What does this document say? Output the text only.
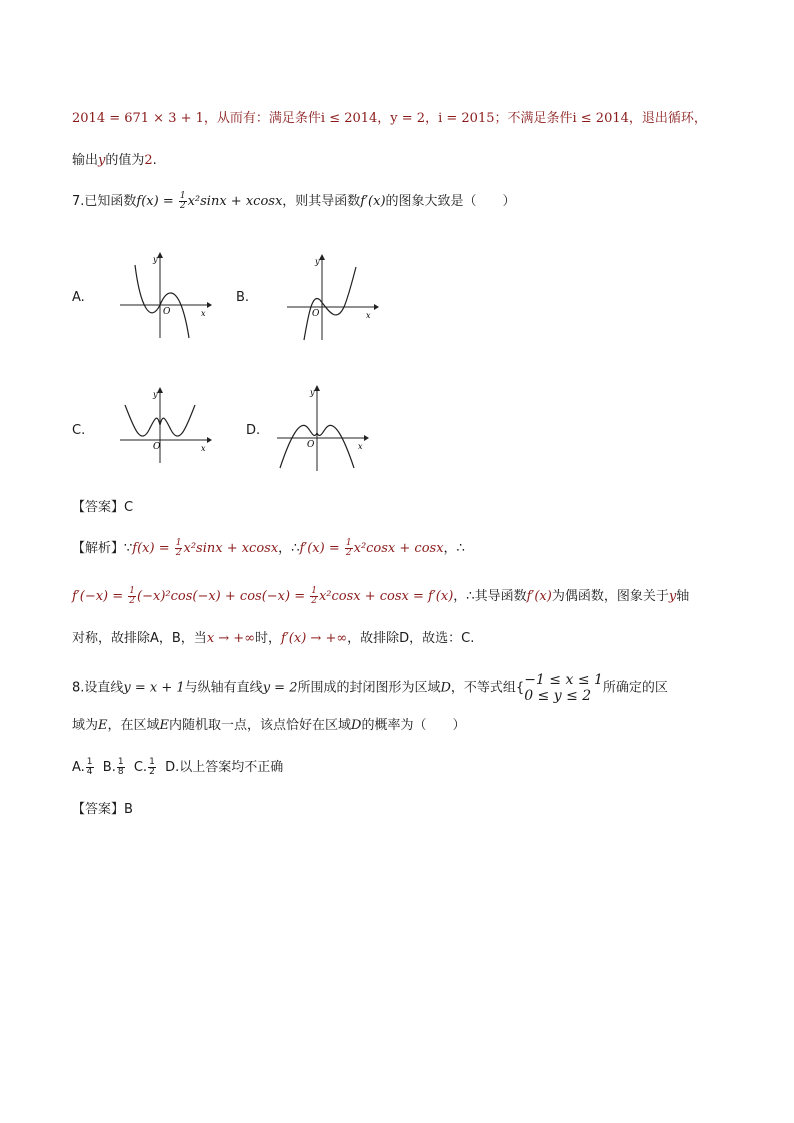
2014 = 671 × 3 + 1，从而有：满足条件i ≤ 2014，y = 2，i = 2015；不满足条件i ≤ 2014，退出循环，
输出y的值为2.
7.已知函数$f(x) = \frac{1}{2} x^2\sin x + xcosx$，则其导函数f′(x)的图象大致是（　　）
A.	B.
C.	D.
y
x
O
y
x
O
y
x
O
y
x
O
【答案】C
【解析】∵f(x) = $\frac{1}{2} x^2\sin x + xcosx$，∴f′(x) = $\frac{1}{2} x^2\cos x + \cos x$，∴
$f'(-x) = \frac{1}{2} (-x)^2\cos(-x) + \cos(-x) = \frac{1}{2} x^2\cos x + \cos x = f'(x)$，∴其导函数f′(x)为偶函数，图象关于y轴
对称，故排除A，B，当x → +∞时，f′(x) → +∞，故排除D，故选：C.
8.设直线y = x + 1与纵轴有直线y = 2所围成的封闭图形为区域D，不等式组{ −1 ≤ x ≤ 1
0 ≤ y ≤ 2 所确定的区
域为E，在区域E内随机取一点，该点恰好在区域D的概率为（　　）
A. $\frac{1}{4} B$. $\frac{1}{8} C$. $\frac{1}{2} D$.以上答案均不正确
【答案】B
